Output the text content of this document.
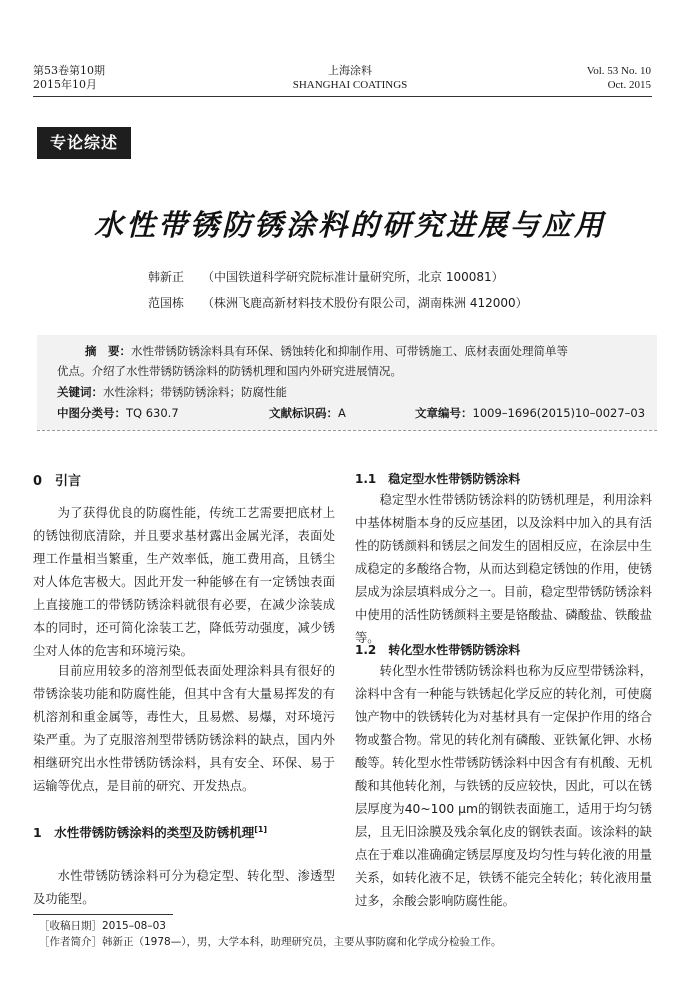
第53卷第10期
2015年10月
上海涂料
SHANGHAI COATINGS
Vol. 53 No. 10
Oct. 2015
专论综述
水性带锈防锈涂料的研究进展与应用
韩新正 （中国铁道科学研究院标准计量研究所，北京 100081）
范国栋 （株洲飞鹿高新材料技术股份有限公司，湖南株洲 412000）
摘　要：水性带锈防锈涂料具有环保、锈蚀转化和抑制作用、可带锈施工、底材表面处理简单等
优点。介绍了水性带锈防锈涂料的防锈机理和国内外研究进展情况。
关键词：水性涂料；带锈防锈涂料；防腐性能
中图分类号：TQ 630.7	文献标识码：A	文章编号：1009–1696(2015)10–0027–03
0　引言
为了获得优良的防腐性能，传统工艺需要把底材上的锈蚀彻底清除，并且要求基材露出金属光泽，表面处理工作量相当繁重，生产效率低，施工费用高，且锈尘对人体危害极大。因此开发一种能够在有一定锈蚀表面上直接施工的带锈防锈涂料就很有必要，在减少涂装成本的同时，还可简化涂装工艺，降低劳动强度，减少锈尘对人体的危害和环境污染。
目前应用较多的溶剂型低表面处理涂料具有很好的带锈涂装功能和防腐性能，但其中含有大量易挥发的有机溶剂和重金属等，毒性大，且易燃、易爆，对环境污染严重。为了克服溶剂型带锈防锈涂料的缺点，国内外相继研究出水性带锈防锈涂料，具有安全、环保、易于运输等优点，是目前的研究、开发热点。
1　水性带锈防锈涂料的类型及防锈机理[1]
水性带锈防锈涂料可分为稳定型、转化型、渗透型及功能型。
1.1　稳定型水性带锈防锈涂料
稳定型水性带锈防锈涂料的防锈机理是，利用涂料中基体树脂本身的反应基团，以及涂料中加入的具有活性的防锈颜料和锈层之间发生的固相反应，在涂层中生成稳定的多酸络合物，从而达到稳定锈蚀的作用，使锈层成为涂层填料成分之一。目前，稳定型带锈防锈涂料中使用的活性防锈颜料主要是铬酸盐、磷酸盐、铁酸盐等。
1.2　转化型水性带锈防锈涂料
转化型水性带锈防锈涂料也称为反应型带锈涂料，涂料中含有一种能与铁锈起化学反应的转化剂，可使腐蚀产物中的铁锈转化为对基材具有一定保护作用的络合物或螯合物。常见的转化剂有磷酸、亚铁氰化钾、水杨酸等。转化型水性带锈防锈涂料中因含有有机酸、无机酸和其他转化剂，与铁锈的反应较快，因此，可以在锈层厚度为40~100 μm的钢铁表面施工，适用于均匀锈层，且无旧涂膜及残余氧化皮的钢铁表面。该涂料的缺点在于难以准确确定锈层厚度及均匀性与转化液的用量关系，如转化液不足，铁锈不能完全转化；转化液用量过多，余酸会影响防腐性能。
［收稿日期］2015–08–03
［作者简介］韩新正（1978—），男，大学本科，助理研究员，主要从事防腐和化学成分检验工作。
